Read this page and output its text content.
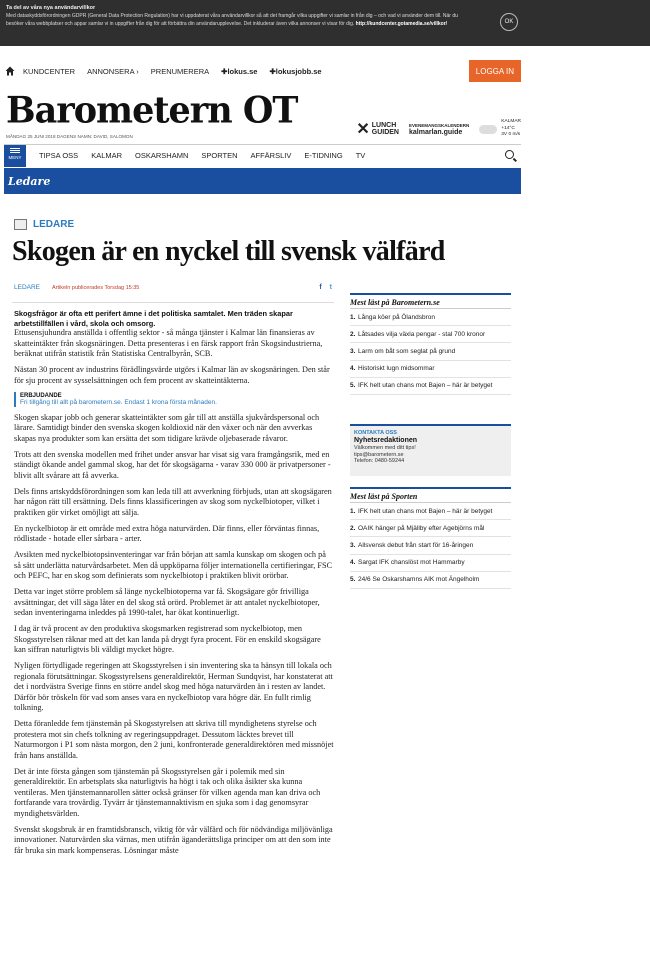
Ta del av våra nya användarvillkor
Med dataskyddsförordningen GDPR (General Data Protection Regulation) har vi uppdaterat våra användarvillkor så att det framgår vilka uppgifter vi samlar in från dig – och vad vi använder dem till. När du besöker våra webbplatser och appar samlar vi in uppgifter från dig för att förbättra din användarupplevelse. Det inkluderar även vilka annonser vi visar för dig. http://kundcenter.gotamedia.se/villkor/	OK
KUNDCENTER ANNONSERA › PRENUMERERA ✚lokus.se ✚lokusjobb.se	LOGGA IN
Barometern OT
MÅNDAG 25 JUNI 2018 DAGENS NAMN: DAVID, SALOMON	✕ LUNCH
GUIDEN
EVENEMANGSKALENDERN
kalmarlan.guide
KALMAR
+14°C
3V 0 m/s
MENY	TIPSA OSS KALMAR OSKARSHAMN SPORTEN AFFÄRSLIV E-TIDNING TV
Ledare
LEDARE
Skogen är en nyckel till svensk välfärd
LEDARE Artikeln publicerades Torsdag 15:35	f t

Skogsfrågor är ofta ett perifert ämne i det politiska samtalet. Men träden skapar arbetstillfällen i vård, skola och omsorg.

Ettusensjuhundra anställda i offentlig sektor - så många tjänster i Kalmar län finansieras av skatteintäkter från skogsnäringen. Detta presenteras i en färsk rapport från Skogsindustrierna, beräknat utifrån statistik från Statistiska Centralbyrån, SCB.

Nästan 30 procent av industrins förädlingsvärde utgörs i Kalmar län av skogsnäringen. Den står för sju procent av sysselsättningen och fem procent av skatteintäkterna.

ERBJUDANDE
Fri tillgång till allt på barometern.se. Endast 1 krona första månaden.

Skogen skapar jobb och generar skatteintäkter som går till att anställa sjukvårdspersonal och lärare. Samtidigt binder den svenska skogen koldioxid när den växer och när den avverkas skapas nya produkter som kan ersätta det som tidigare krävde oljebaserade råvaror.

Trots att den svenska modellen med frihet under ansvar har visat sig vara framgångsrik, med en ständigt ökande andel gammal skog, har det för skogsägarna - varav 330 000 är privatpersoner - blivit allt svårare att få avverka.

Dels finns artskyddsförordningen som kan leda till att avverkning förbjuds, utan att skogsägaren har någon rätt till ersättning. Dels finns klassificeringen av skog som nyckelbiotoper, vilket i praktiken gör virket omöjligt att sälja.

En nyckelbiotop är ett område med extra höga naturvärden. Där finns, eller förväntas finnas, rödlistade - hotade eller sårbara - arter.

Avsikten med nyckelbiotopsinventeringar var från början att samla kunskap om skogen och på så sätt underlätta naturvårdsarbetet. Men då uppköparna följer internationella certifieringar, FSC och PEFC, har en skog som definierats som nyckelbiotop i praktiken blivit orörbar.

Detta var inget större problem så länge nyckelbiotoperna var få. Skogsägare gör frivilliga avsättningar, det vill säga låter en del skog stå orörd. Problemet är att antalet nyckelbiotoper, sedan inventeringarna inleddes på 1990-talet, har ökat kontinuerligt.

I dag är två procent av den produktiva skogsmarken registrerad som nyckelbiotop, men Skogsstyrelsen räknar med att det kan landa på drygt fyra procent. För en enskild skogsägare kan siffran naturligtvis bli väldigt mycket högre.

Nyligen förtydligade regeringen att Skogsstyrelsen i sin inventering ska ta hänsyn till lokala och regionala förutsättningar. Skogsstyrelsens generaldirektör, Herman Sundqvist, har konstaterat att det i nordvästra Sverige finns en större andel skog med höga naturvärden än i resten av landet. Därför bör tröskeln för vad som anses vara en nyckelbiotop vara högre där. En fullt rimlig tolkning.

Detta föranledde fem tjänstemän på Skogsstyrelsen att skriva till myndighetens styrelse och protestera mot sin chefs tolkning av regeringsuppdraget. Dessutom läcktes brevet till Naturmorgon i P1 som nästa morgon, den 2 juni, konfronterade generaldirektören med missnöjet från hans anställda.

Det är inte första gången som tjänstemän på Skogsstyrelsen går i polemik med sin generaldirektör. En arbetsplats ska naturligtvis ha högt i tak och olika åsikter ska kunna ventileras. Men tjänstemannarollen sätter också gränser för vilken agenda man kan driva och fortfarande vara trovärdig. Tyvärr är tjänstemannaktivism en sjuka som i dag genomsyrar myndighetsvärlden.

Svenskt skogsbruk är en framtidsbransch, viktig för vår välfärd och för nödvändiga miljövänliga innovationer. Naturvärden ska värnas, men utifrån äganderättsliga principer om att den som inte får bruka sin mark kompenseras. Lösningar måste

Mest läst på Barometern.se
1. Långa köer på Ölandsbron
2. Låtsades vilja växla pengar - stal 700 kronor
3. Larm om båt som seglat på grund
4. Historiskt lugn midsommar
5. IFK helt utan chans mot Bajen – här är betyget
KONTAKTA OSS
Nyhetsredaktionen
Välkommen med ditt tips!
tips@barometern.se
Telefon: 0480-59244
Mest läst på Sporten
1. IFK helt utan chans mot Bajen – här är betyget
2. OAIK hänger på Mjällby efter Agebjörns mål
3. Allsvensk debut från start för 16-åringen
4. Sargat IFK chanslöst mot Hammarby
5. 24/6 Se Oskarshamns AIK mot Ängelholm
